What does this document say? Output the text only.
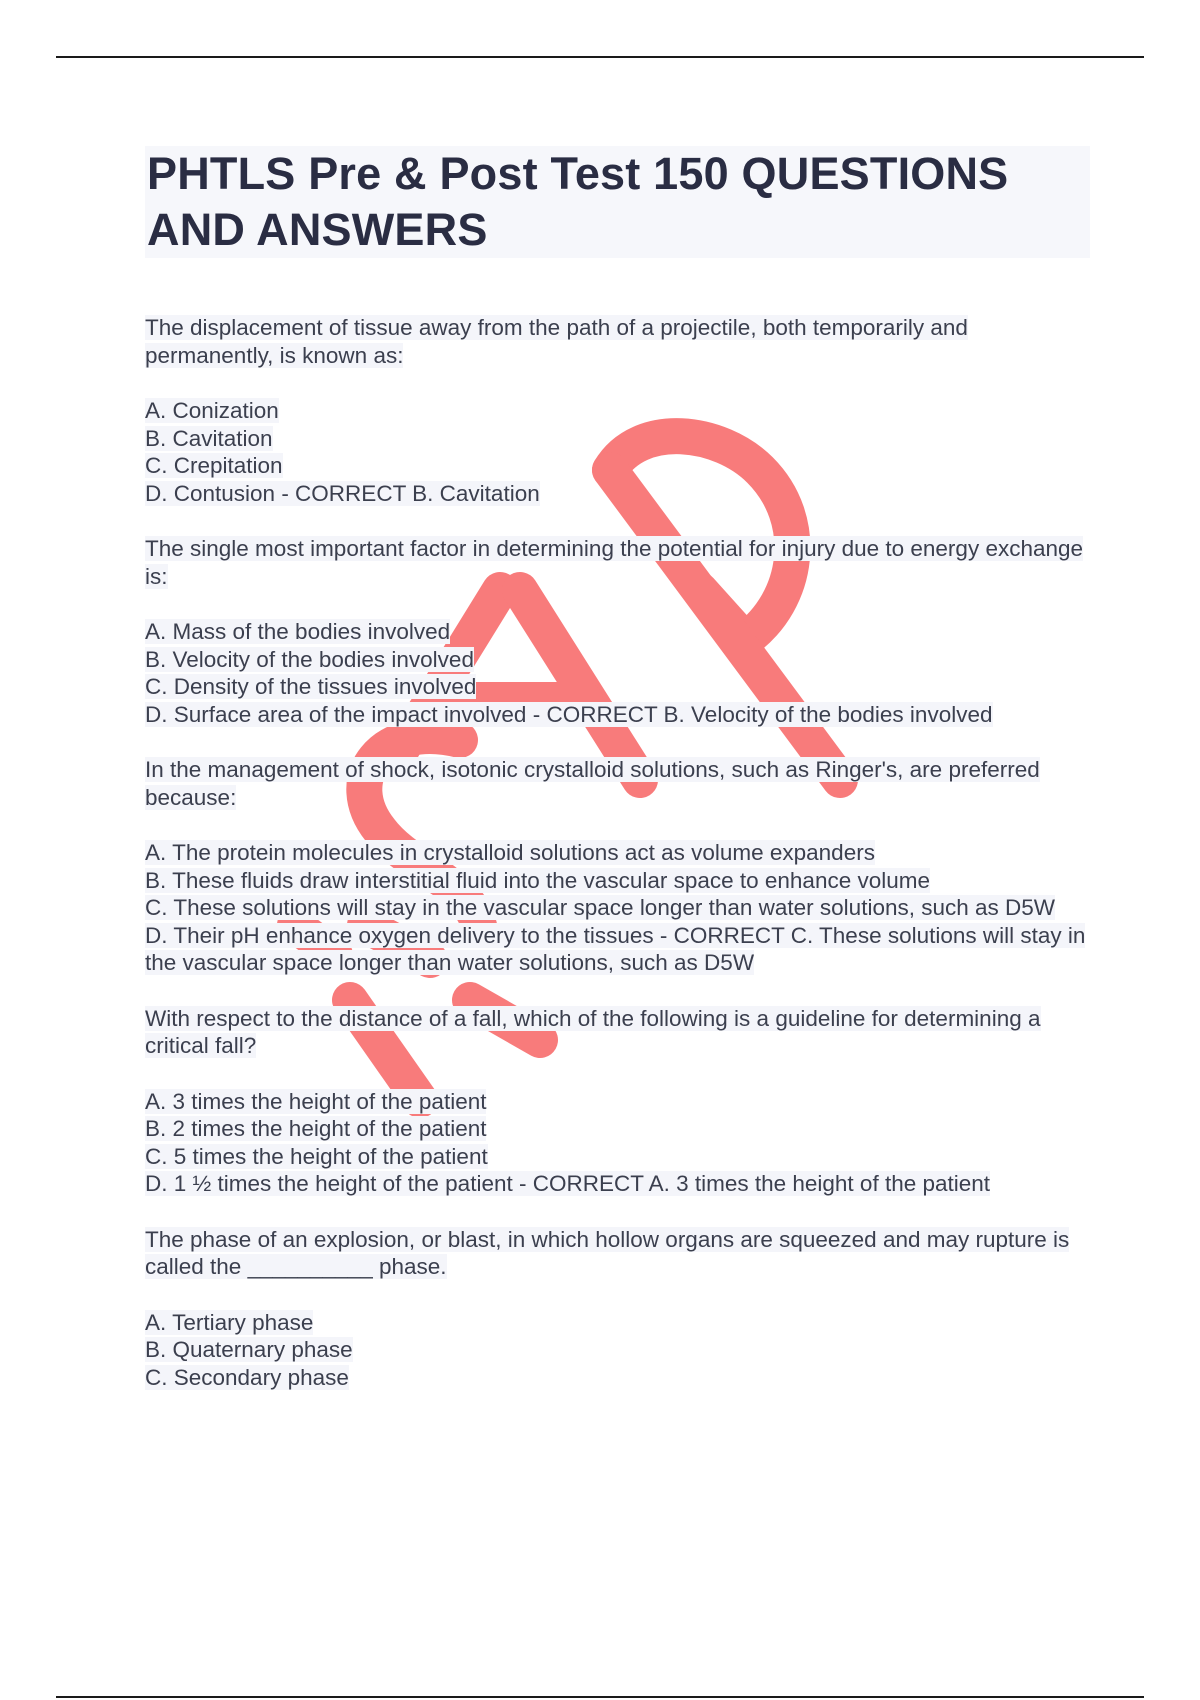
PHTLS Pre & Post Test 150 QUESTIONS AND ANSWERS

The displacement of tissue away from the path of a projectile, both temporarily and permanently, is known as:

A. Conization
B. Cavitation
C. Crepitation
D. Contusion - CORRECT B. Cavitation

The single most important factor in determining the potential for injury due to energy exchange is:

A. Mass of the bodies involved
B. Velocity of the bodies involved
C. Density of the tissues involved
D. Surface area of the impact involved - CORRECT B. Velocity of the bodies involved

In the management of shock, isotonic crystalloid solutions, such as Ringer's, are preferred because:

A. The protein molecules in crystalloid solutions act as volume expanders
B. These fluids draw interstitial fluid into the vascular space to enhance volume
C. These solutions will stay in the vascular space longer than water solutions, such as D5W
D. Their pH enhance oxygen delivery to the tissues - CORRECT C. These solutions will stay in the vascular space longer than water solutions, such as D5W

With respect to the distance of a fall, which of the following is a guideline for determining a critical fall?

A. 3 times the height of the patient
B. 2 times the height of the patient
C. 5 times the height of the patient
D. 1 ½ times the height of the patient - CORRECT A. 3 times the height of the patient

The phase of an explosion, or blast, in which hollow organs are squeezed and may rupture is called the __________ phase.

A. Tertiary phase
B. Quaternary phase
C. Secondary phase
